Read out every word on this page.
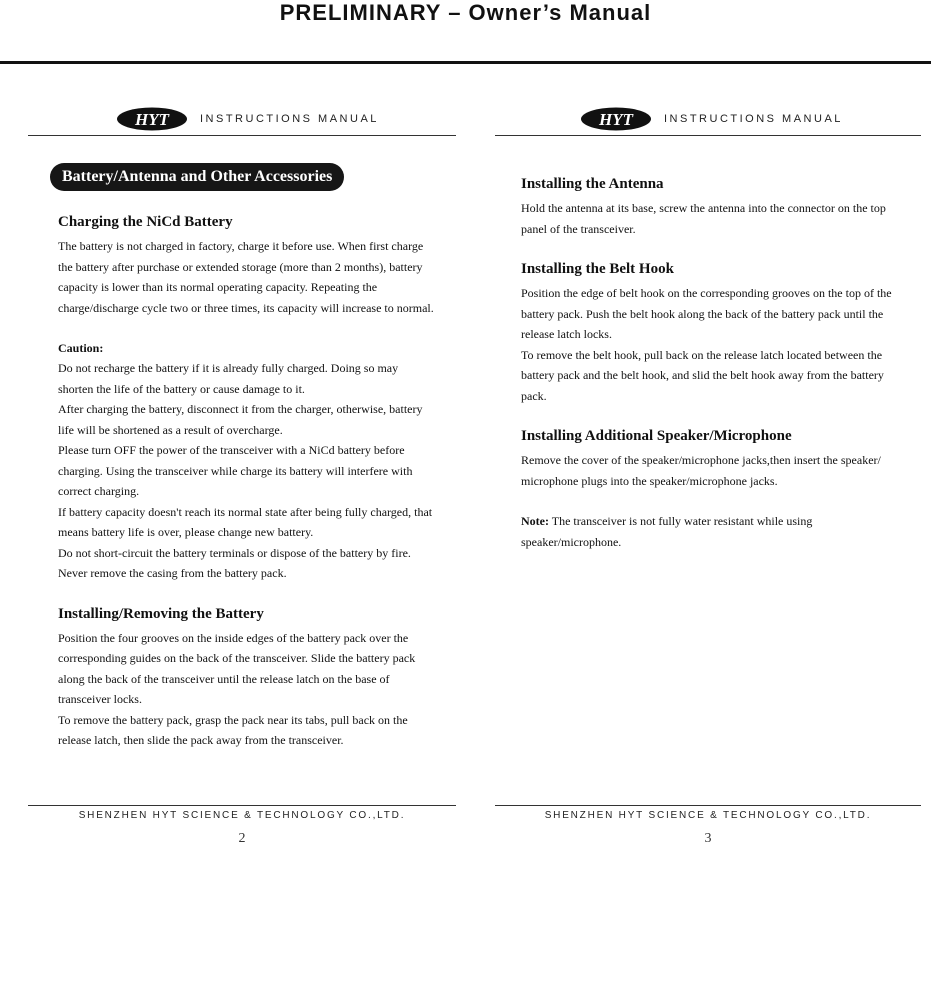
PRELIMINARY – Owner’s Manual
HYT	INSTRUCTIONS MANUAL
Battery/Antenna and Other Accessories
Charging the NiCd Battery

The battery is not charged in factory, charge it before use. When first charge the battery after purchase or extended storage (more than 2 months), battery capacity is lower than its normal operating capacity. Repeating the charge/discharge cycle two or three times, its capacity will increase to normal.

Caution:

Do not recharge the battery if it is already fully charged. Doing so may shorten the life of the battery or cause damage to it.

After charging the battery, disconnect it from the charger, otherwise, battery life will be shortened as a result of overcharge.

Please turn OFF the power of the transceiver with a NiCd battery before charging. Using the transceiver while charge its battery will interfere with correct charging.

If battery capacity doesn't reach its normal state after being fully charged, that means battery life is over, please change new battery.

Do not short-circuit the battery terminals or dispose of the battery by fire. Never remove the casing from the battery pack.

Installing/Removing the Battery

Position the four grooves on the inside edges of the battery pack over the corresponding guides on the back of the transceiver. Slide the battery pack along the back of the transceiver until the release latch on the base of transceiver locks.

To remove the battery pack, grasp the pack near its tabs, pull back on the release latch, then slide the pack away from the transceiver.

SHENZHEN HYT SCIENCE & TECHNOLOGY CO.,LTD.
2
HYT	INSTRUCTIONS MANUAL
Installing the Antenna

Hold the antenna at its base, screw the antenna into the connector on the top panel of the transceiver.

Installing the Belt Hook

Position the edge of belt hook on the corresponding grooves on the top of the battery pack. Push the belt hook along the back of the battery pack until the release latch locks.

To remove the belt hook, pull back on the release latch located between the battery pack and the belt hook, and slid the belt hook away from the battery pack.

Installing Additional Speaker/Microphone

Remove the cover of the speaker/microphone jacks,then insert the speaker/ microphone plugs into the speaker/microphone jacks.

Note: The transceiver is not fully water resistant while using speaker/microphone.

SHENZHEN HYT SCIENCE & TECHNOLOGY CO.,LTD.
3
